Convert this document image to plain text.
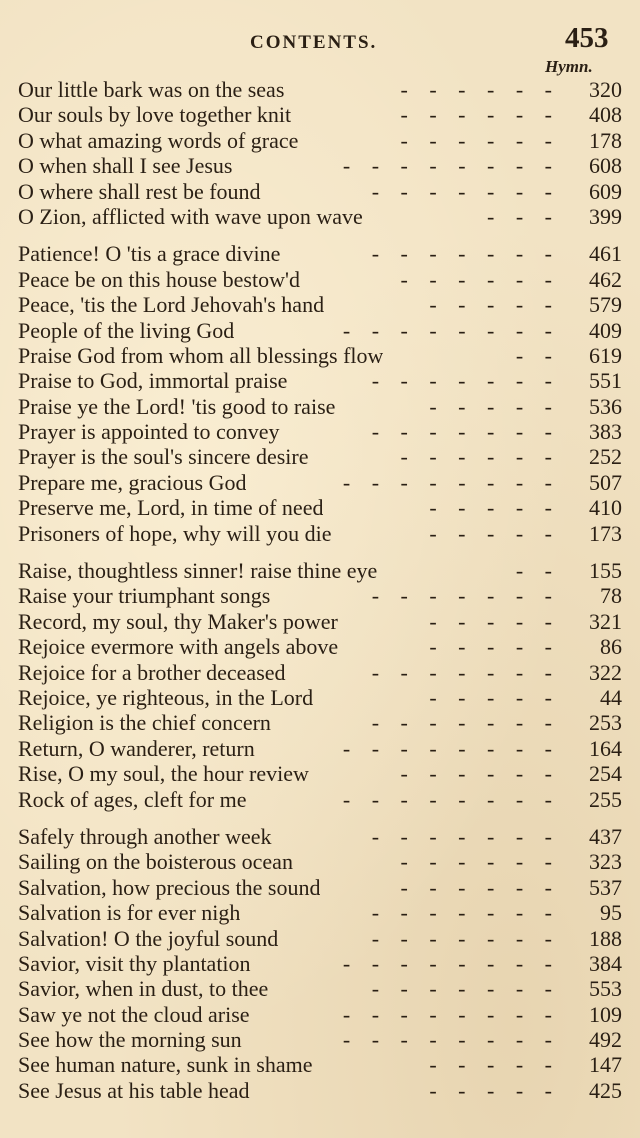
CONTENTS.	453
Hymn.
Our little bark was on the seas	- - - - - -	320
Our souls by love together knit	- - - - - -	408
O what amazing words of grace	- - - - - -	178
O when shall I see Jesus	- - - - - - - -	608
O where shall rest be found	- - - - - - -	609
O Zion, afflicted with wave upon wave	- - -	399
Patience! O 'tis a grace divine	- - - - - - -	461
Peace be on this house bestow'd	- - - - - -	462
Peace, 'tis the Lord Jehovah's hand	- - - - -	579
People of the living God	- - - - - - - -	409
Praise God from whom all blessings flow	- -	619
Praise to God, immortal praise	- - - - - - -	551
Praise ye the Lord! 'tis good to raise	- - - - -	536
Prayer is appointed to convey	- - - - - - -	383
Prayer is the soul's sincere desire	- - - - - -	252
Prepare me, gracious God	- - - - - - - -	507
Preserve me, Lord, in time of need	- - - - -	410
Prisoners of hope, why will you die	- - - - -	173
Raise, thoughtless sinner! raise thine eye	- -	155
Raise your triumphant songs	- - - - - - -	78
Record, my soul, thy Maker's power	- - - - -	321
Rejoice evermore with angels above	- - - - -	86
Rejoice for a brother deceased	- - - - - - -	322
Rejoice, ye righteous, in the Lord	- - - - -	44
Religion is the chief concern	- - - - - - -	253
Return, O wanderer, return	- - - - - - - -	164
Rise, O my soul, the hour review	- - - - - -	254
Rock of ages, cleft for me	- - - - - - - -	255
Safely through another week	- - - - - - -	437
Sailing on the boisterous ocean	- - - - - -	323
Salvation, how precious the sound	- - - - - -	537
Salvation is for ever nigh	- - - - - - -	95
Salvation! O the joyful sound	- - - - - - -	188
Savior, visit thy plantation	- - - - - - - -	384
Savior, when in dust, to thee	- - - - - - -	553
Saw ye not the cloud arise	- - - - - - - -	109
See how the morning sun	- - - - - - - -	492
See human nature, sunk in shame	- - - - -	147
See Jesus at his table head	- - - - -	425
